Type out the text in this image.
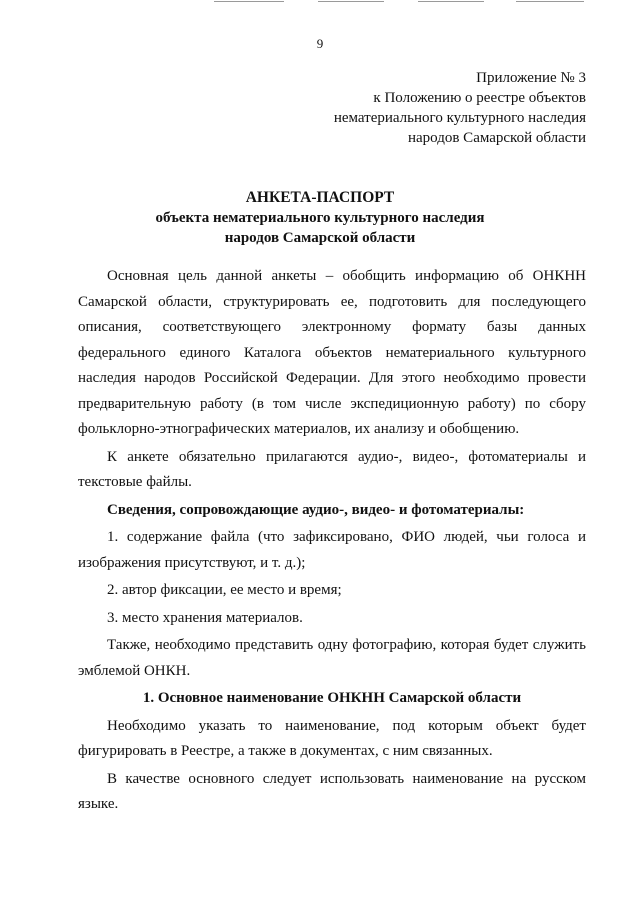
9
Приложение № 3
к Положению о реестре объектов
нематериального культурного наследия
народов Самарской области
АНКЕТА-ПАСПОРТ
объекта нематериального культурного наследия
народов Самарской области

Основная цель данной анкеты – обобщить информацию об ОНКНН Самарской области, структурировать ее, подготовить для последующего описания, соответствующего электронному формату базы данных федерального единого Каталога объектов нематериального культурного наследия народов Российской Федерации. Для этого необходимо провести предварительную работу (в том числе экспедиционную работу) по сбору фольклорно-этнографических материалов, их анализу и обобщению.

К анкете обязательно прилагаются аудио-, видео-, фотоматериалы и текстовые файлы.

Сведения, сопровождающие аудио-, видео- и фотоматериалы:

1. содержание файла (что зафиксировано, ФИО людей, чьи голоса и изображения присутствуют, и т. д.);

2. автор фиксации, ее место и время;

3. место хранения материалов.

Также, необходимо представить одну фотографию, которая будет служить эмблемой ОНКН.

1. Основное наименование ОНКНН Самарской области

Необходимо указать то наименование, под которым объект будет фигурировать в Реестре, а также в документах, с ним связанных.

В качестве основного следует использовать наименование на русском языке.
